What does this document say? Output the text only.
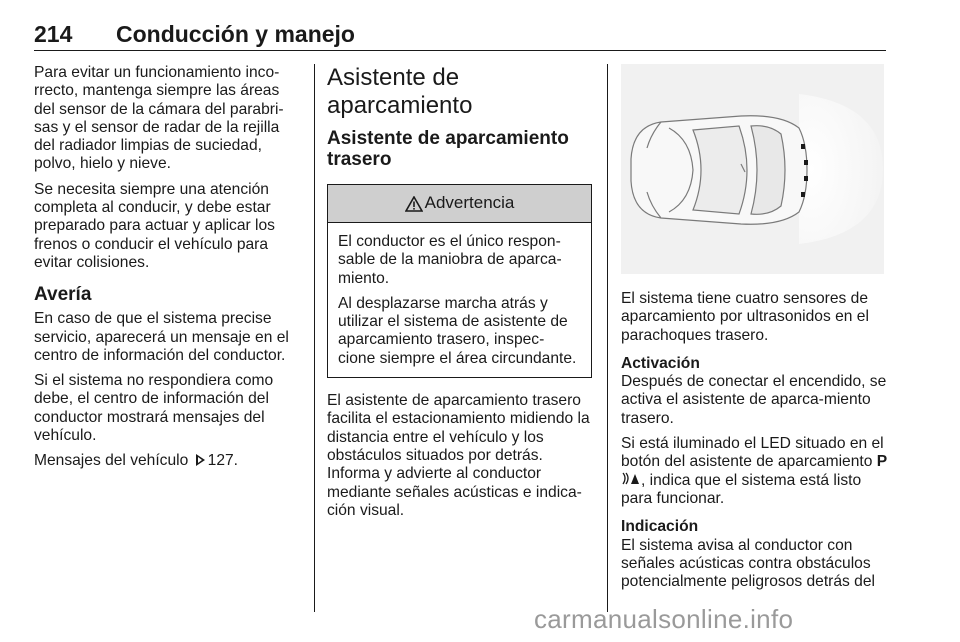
214 Conducción y manejo

Para evitar un funcionamiento inco-rrecto, mantenga siempre las áreas del sensor de la cámara del parabri-sas y el sensor de radar de la rejilla del radiador limpias de suciedad, polvo, hielo y nieve.

Se necesita siempre una atención completa al conducir, y debe estar preparado para actuar y aplicar los frenos o conducir el vehículo para evitar colisiones.

Avería

En caso de que el sistema precise servicio, aparecerá un mensaje en el centro de información del conductor.

Si el sistema no respondiera como debe, el centro de información del conductor mostrará mensajes del vehículo.

Mensajes del vehículo 127.

Asistente de aparcamiento
Asistente de aparcamiento trasero
Advertencia

El conductor es el único respon-sable de la maniobra de aparca-miento.

Al desplazarse marcha atrás y utilizar el sistema de asistente de aparcamiento trasero, inspec-cione siempre el área circundante.

El asistente de aparcamiento trasero facilita el estacionamiento midiendo la distancia entre el vehículo y los obstáculos situados por detrás. Informa y advierte al conductor mediante señales acústicas e indica-ción visual.

El sistema tiene cuatro sensores de aparcamiento por ultrasonidos en el parachoques trasero.

Activación

Después de conectar el encendido, se activa el asistente de aparca-miento trasero.

Si está iluminado el LED situado en el botón del asistente de aparcamiento P, indica que el sistema está listo para funcionar.

Indicación

El sistema avisa al conductor con señales acústicas contra obstáculos potencialmente peligrosos detrás del

carmanualsonline.info
